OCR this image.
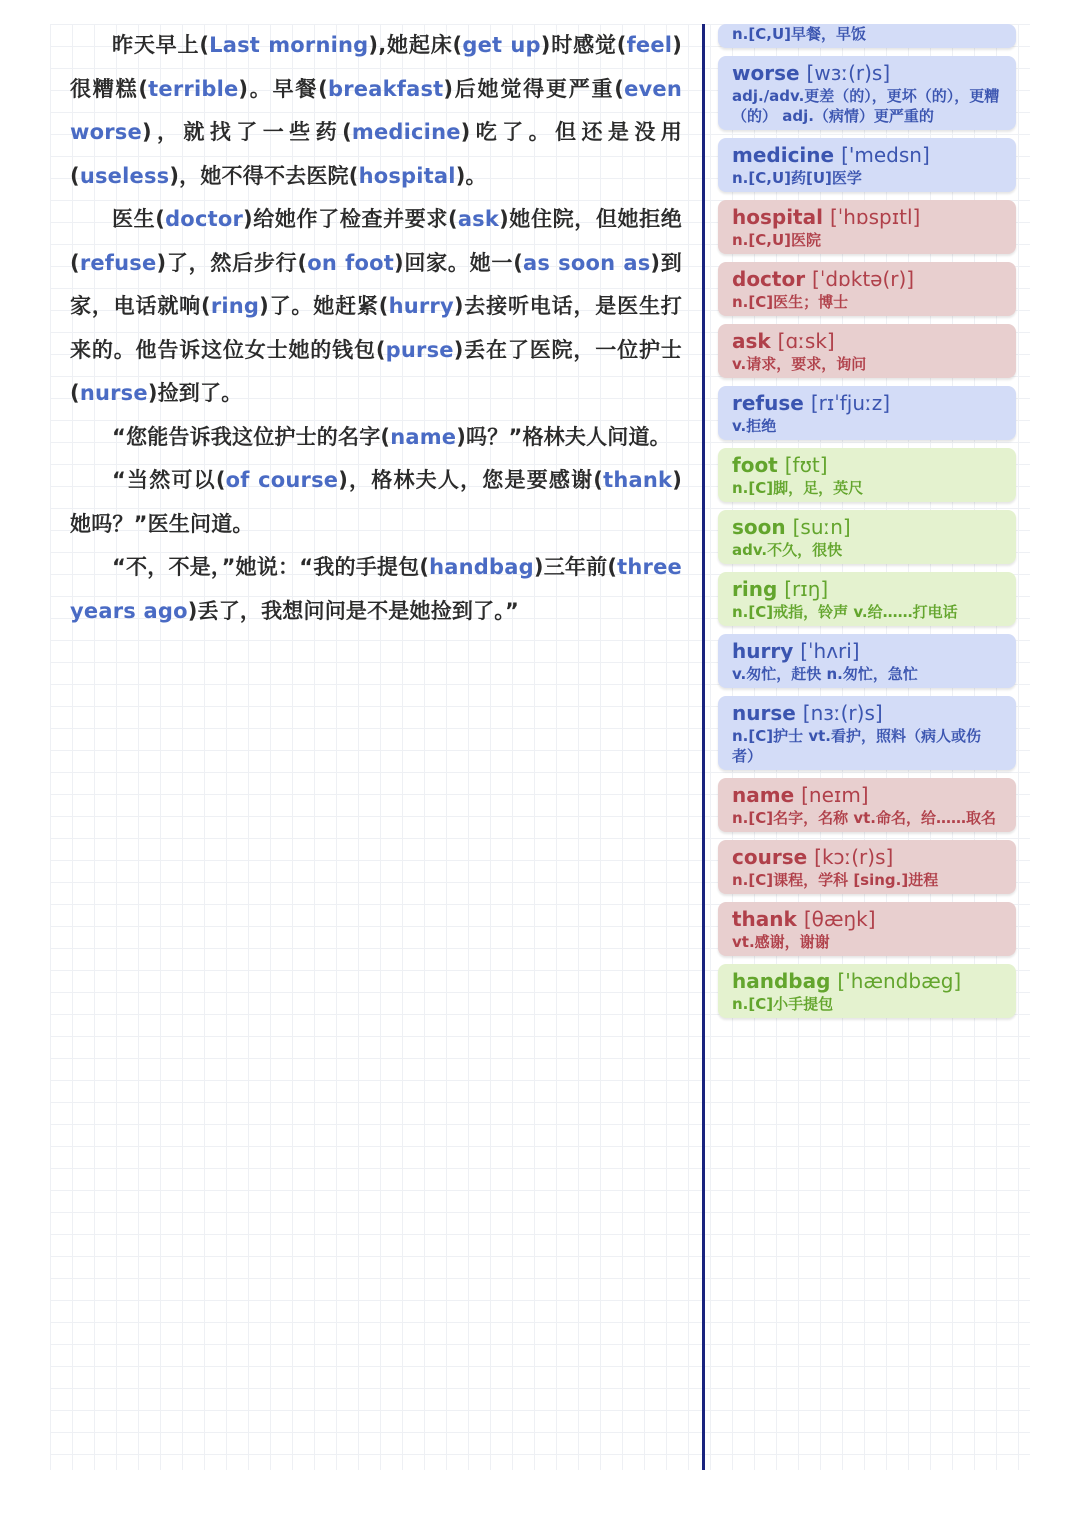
昨天早上(Last morning),她起床(get up)时感觉(feel)很糟糕(terrible)。早餐(breakfast)后她觉得更严重(even worse)，就找了一些药(medicine)吃了。但还是没用(useless)，她不得不去医院(hospital)。

医生(doctor)给她作了检查并要求(ask)她住院，但她拒绝(refuse)了，然后步行(on foot)回家。她一(as soon as)到家，电话就响(ring)了。她赶紧(hurry)去接听电话，是医生打来的。他告诉这位女士她的钱包(purse)丢在了医院，一位护士(nurse)捡到了。

“您能告诉我这位护士的名字(name)吗？”格林夫人问道。

“当然可以(of course)，格林夫人，您是要感谢(thank)她吗？”医生问道。

“不，不是，”她说：“我的手提包(handbag)三年前(three years ago)丢了，我想问问是不是她捡到了。”

n.[C,U]早餐，早饭
worse [wɜː(r)s]
adj./adv.更差（的），更坏（的），更糟（的） adj.（病情）更严重的
medicine ['medsn]
n.[C,U]药[U]医学
hospital [ˈhɒspɪtl]
n.[C,U]医院
doctor [ˈdɒktə(r)]
n.[C]医生；博士
ask [ɑːsk]
v.请求，要求，询问
refuse [rɪˈfjuːz]
v.拒绝
foot [fʊt]
n.[C]脚，足，英尺
soon [suːn]
adv.不久，很快
ring [rɪŋ]
n.[C]戒指，铃声 v.给……打电话
hurry [ˈhʌri]
v.匆忙，赶快 n.匆忙，急忙
nurse [nɜː(r)s]
n.[C]护士 vt.看护，照料（病人或伤者）
name [neɪm]
n.[C]名字，名称 vt.命名，给……取名
course [kɔː(r)s]
n.[C]课程，学科 [sing.]进程
thank [θæŋk]
vt.感谢，谢谢
handbag ['hændbæg]
n.[C]小手提包
